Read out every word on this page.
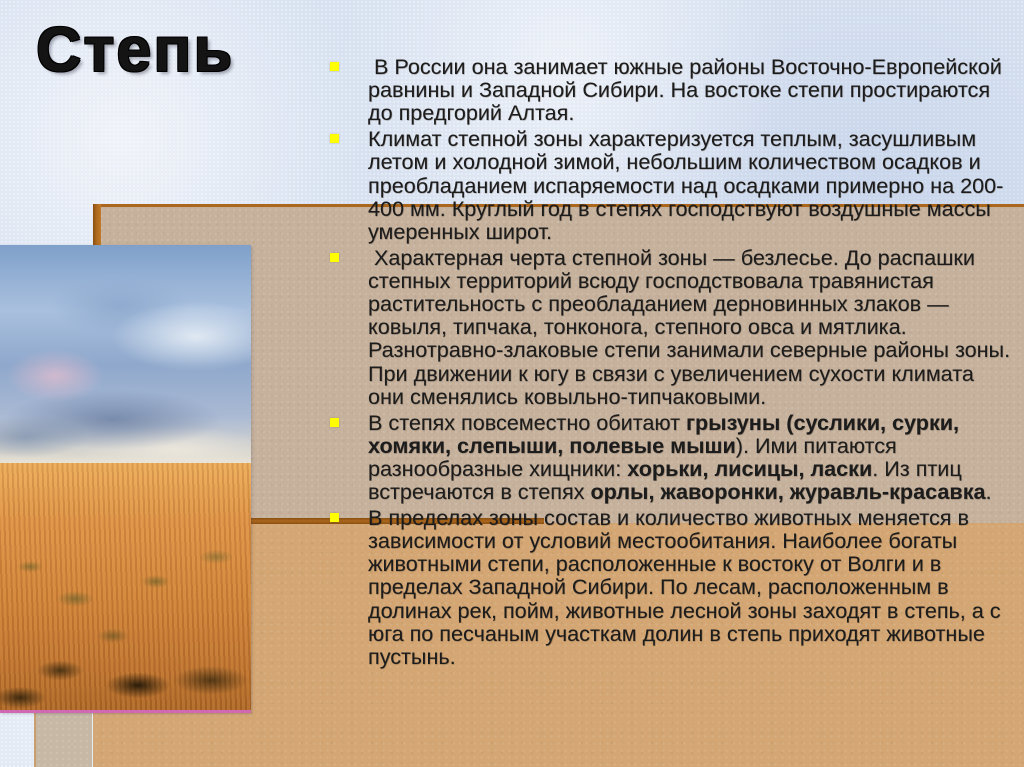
Степь	В России она занимает южные районы Восточно-Европейской равнины и Западной Сибири. На востоке степи простираются до предгорий Алтая.
Климат степной зоны характеризуется теплым, засушливым летом и холодной зимой, небольшим количеством осадков и преобладанием испаряемости над осадками примерно на 200-400 мм. Круглый год в степях господствуют воздушные массы умеренных широт.
Характерная черта степной зоны — безлесье. До распашки степных территорий всюду господствовала травянистая растительность с преобладанием дерновинных злаков — ковыля, типчака, тонконога, степного овса и мятлика. Разнотравно-злаковые степи занимали северные районы зоны. При движении к югу в связи с увеличением сухости климата они сменялись ковыльно-типчаковыми.
В степях повсеместно обитают грызуны (суслики, сурки, хомяки, слепыши, полевые мыши). Ими питаются разнообразные хищники: хорьки, лисицы, ласки. Из птиц встречаются в степях орлы, жаворонки, журавль-красавка.
В пределах зоны состав и количество животных меняется в зависимости от условий местообитания. Наиболее богаты животными степи, расположенные к востоку от Волги и в пределах Западной Сибири. По лесам, расположенным в долинах рек, пойм, животные лесной зоны заходят в степь, а с юга по песчаным участкам долин в степь приходят животные пустынь.
